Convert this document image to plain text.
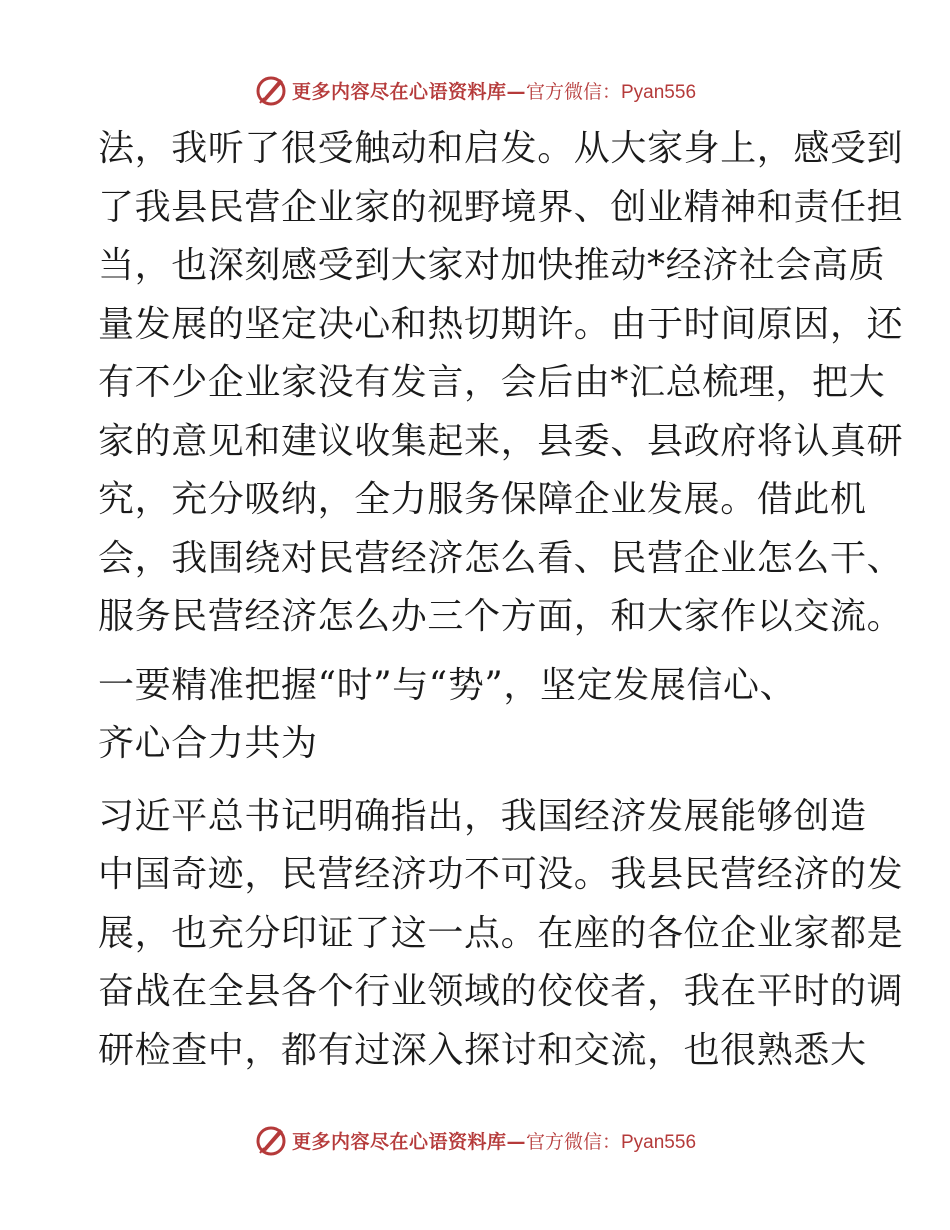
更多内容尽在心语资料库— 官方微信：Pyan556
法，我听了很受触动和启发。从大家身上，感受到
了我县民营企业家的视野境界、创业精神和责任担
当，也深刻感受到大家对加快推动*经济社会高质
量发展的坚定决心和热切期许。由于时间原因，还
有不少企业家没有发言，会后由*汇总梳理，把大
家的意见和建议收集起来，县委、县政府将认真研
究，充分吸纳，全力服务保障企业发展。借此机
会，我围绕对民营经济怎么看、民营企业怎么干、
服务民营经济怎么办三个方面，和大家作以交流。
一要精准把握“时”与“势”，坚定发展信心、
齐心合力共为
习近平总书记明确指出，我国经济发展能够创造
中国奇迹，民营经济功不可没。我县民营经济的发
展，也充分印证了这一点。在座的各位企业家都是
奋战在全县各个行业领域的佼佼者，我在平时的调
研检查中，都有过深入探讨和交流，也很熟悉大
更多内容尽在心语资料库— 官方微信：Pyan556
